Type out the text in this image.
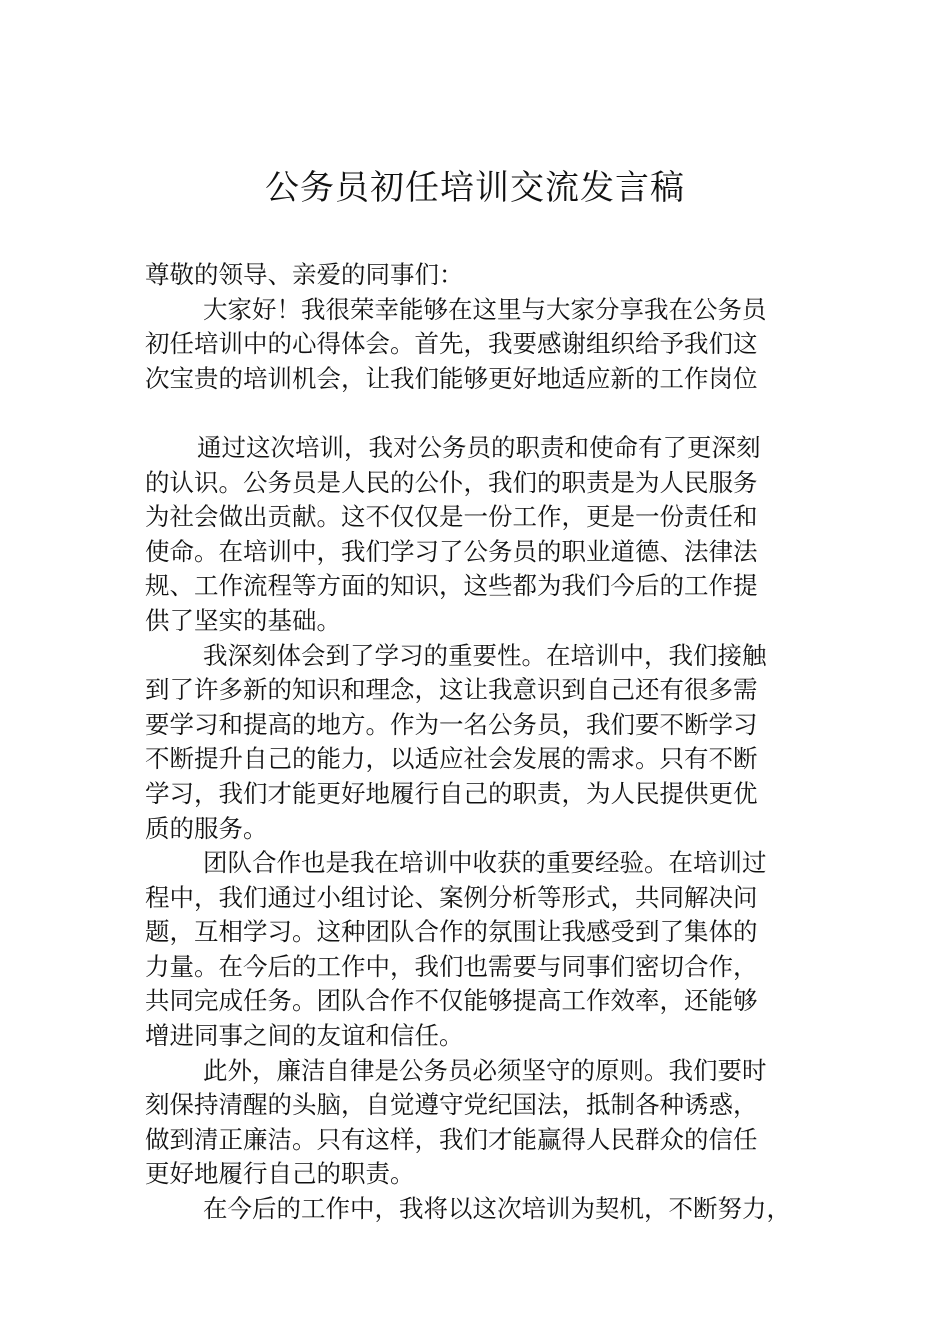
公务员初任培训交流发言稿
尊敬的领导、亲爱的同事们：
大家好！我很荣幸能够在这里与大家分享我在公务员
初任培训中的心得体会。首先，我要感谢组织给予我们这
次宝贵的培训机会，让我们能够更好地适应新的工作岗位
通过这次培训，我对公务员的职责和使命有了更深刻
的认识。公务员是人民的公仆，我们的职责是为人民服务
为社会做出贡献。这不仅仅是一份工作，更是一份责任和
使命。在培训中，我们学习了公务员的职业道德、法律法
规、工作流程等方面的知识，这些都为我们今后的工作提
供了坚实的基础。
我深刻体会到了学习的重要性。在培训中，我们接触
到了许多新的知识和理念，这让我意识到自己还有很多需
要学习和提高的地方。作为一名公务员，我们要不断学习
不断提升自己的能力，以适应社会发展的需求。只有不断
学习，我们才能更好地履行自己的职责，为人民提供更优
质的服务。
团队合作也是我在培训中收获的重要经验。在培训过
程中，我们通过小组讨论、案例分析等形式，共同解决问
题，互相学习。这种团队合作的氛围让我感受到了集体的
力量。在今后的工作中，我们也需要与同事们密切合作，
共同完成任务。团队合作不仅能够提高工作效率，还能够
增进同事之间的友谊和信任。
此外，廉洁自律是公务员必须坚守的原则。我们要时
刻保持清醒的头脑，自觉遵守党纪国法，抵制各种诱惑，
做到清正廉洁。只有这样，我们才能赢得人民群众的信任
更好地履行自己的职责。
在今后的工作中，我将以这次培训为契机，不断努力，
